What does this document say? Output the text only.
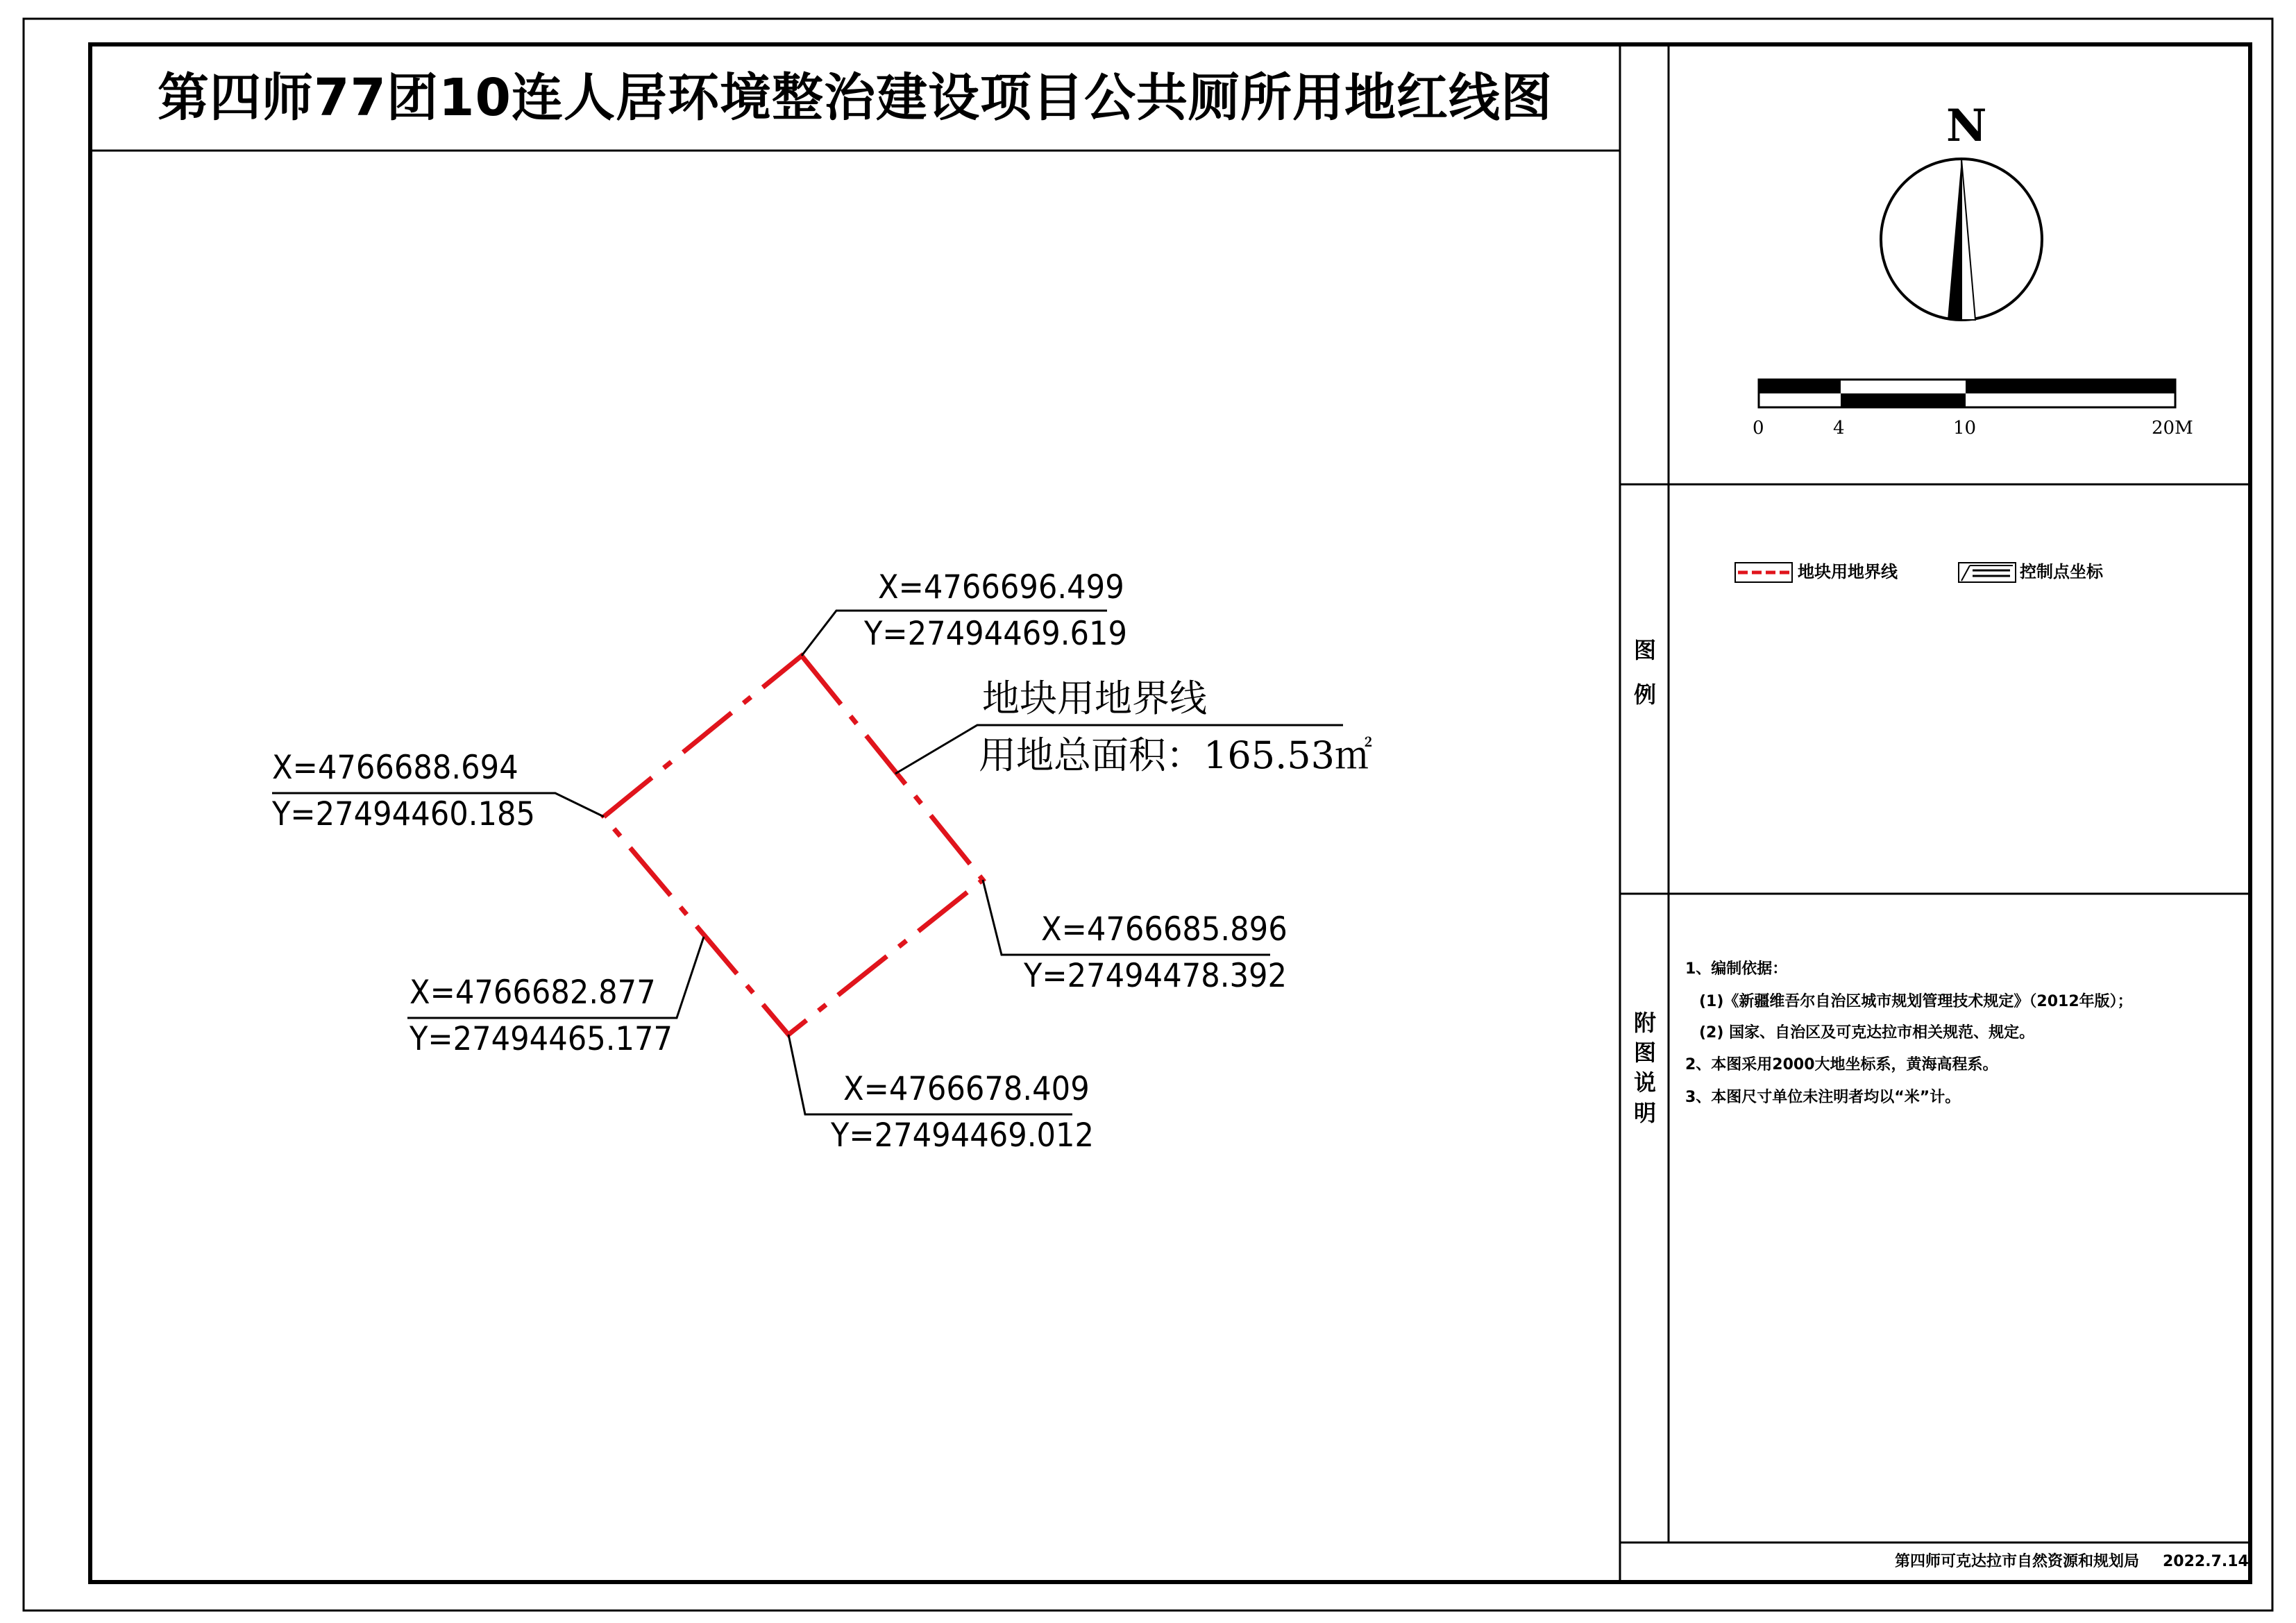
第四师77团10连人居环境整治建设项目公共厕所用地红线图
X=4766696.499
Y=27494469.619
X=4766688.694
Y=27494460.185
X=4766685.896
Y=27494478.392
X=4766682.877
Y=27494465.177
X=4766678.409
Y=27494469.012
地块用地界线
用地总面积：165.53㎡
N
0	4	10	20M
图例
地块用地界线	控制点坐标
附图说明
1、编制依据：
(1)《新疆维吾尔自治区城市规划管理技术规定》（2012年版）；
(2) 国家、自治区及可克达拉市相关规范、规定。
2、本图采用2000大地坐标系，黄海高程系。
3、本图尺寸单位未注明者均以“米”计。
第四师可克达拉市自然资源和规划局 2022.7.14
